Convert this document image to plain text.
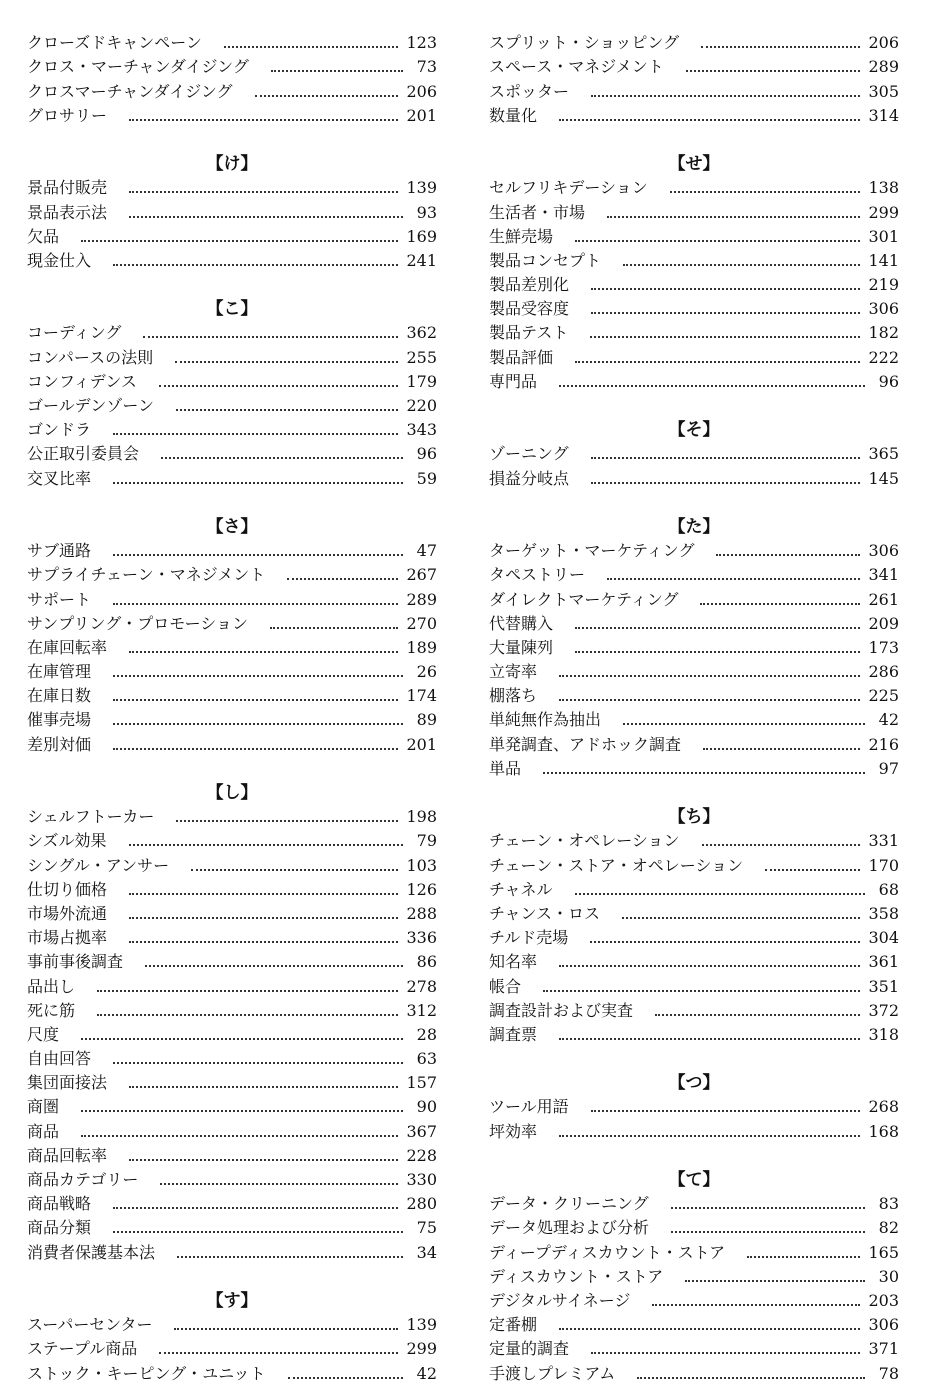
クローズドキャンペーン	123
クロス・マーチャンダイジング	73
クロスマーチャンダイジング	206
グロサリー	201
【け】
景品付販売	139
景品表示法	93
欠品	169
現金仕入	241
【こ】
コーディング	362
コンパースの法則	255
コンフィデンス	179
ゴールデンゾーン	220
ゴンドラ	343
公正取引委員会	96
交叉比率	59
【さ】
サブ通路	47
サプライチェーン・マネジメント	267
サポート	289
サンプリング・プロモーション	270
在庫回転率	189
在庫管理	26
在庫日数	174
催事売場	89
差別対価	201
【し】
シェルフトーカー	198
シズル効果	79
シングル・アンサー	103
仕切り価格	126
市場外流通	288
市場占拠率	336
事前事後調査	86
品出し	278
死に筋	312
尺度	28
自由回答	63
集団面接法	157
商圏	90
商品	367
商品回転率	228
商品カテゴリー	330
商品戦略	280
商品分類	75
消費者保護基本法	34
【す】
スーパーセンター	139
ステープル商品	299
ストック・キーピング・ユニット	42
スプリット・ショッピング	206
スペース・マネジメント	289
スポッター	305
数量化	314
【せ】
セルフリキデーション	138
生活者・市場	299
生鮮売場	301
製品コンセプト	141
製品差別化	219
製品受容度	306
製品テスト	182
製品評価	222
専門品	96
【そ】
ゾーニング	365
損益分岐点	145
【た】
ターゲット・マーケティング	306
タペストリー	341
ダイレクトマーケティング	261
代替購入	209
大量陳列	173
立寄率	286
棚落ち	225
単純無作為抽出	42
単発調査、アドホック調査	216
単品	97
【ち】
チェーン・オペレーション	331
チェーン・ストア・オペレーション	170
チャネル	68
チャンス・ロス	358
チルド売場	304
知名率	361
帳合	351
調査設計および実査	372
調査票	318
【つ】
ツール用語	268
坪効率	168
【て】
データ・クリーニング	83
データ処理および分析	82
ディープディスカウント・ストア	165
ディスカウント・ストア	30
デジタルサイネージ	203
定番棚	306
定量的調査	371
手渡しプレミアム	78
